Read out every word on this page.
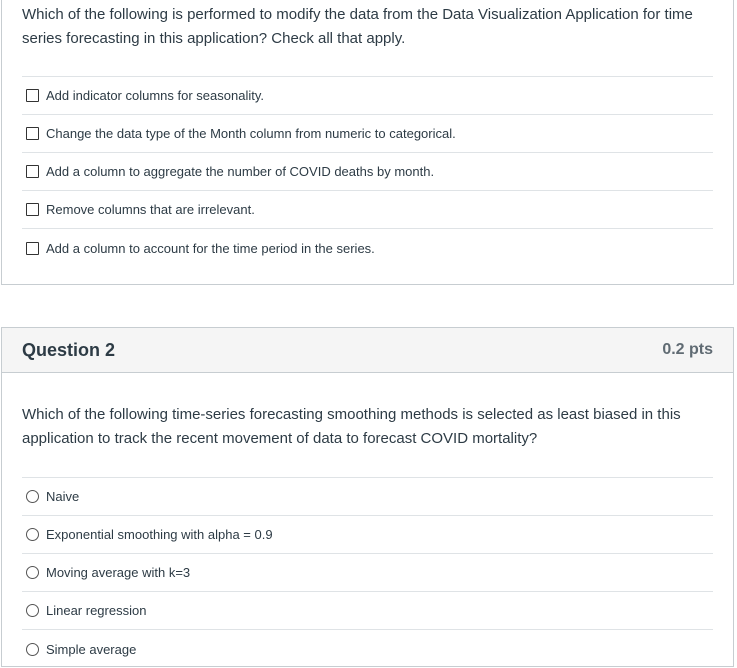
Which of the following is performed to modify the data from the Data Visualization Application for time series forecasting in this application? Check all that apply.
Add indicator columns for seasonality.
Change the data type of the Month column from numeric to categorical.
Add a column to aggregate the number of COVID deaths by month.
Remove columns that are irrelevant.
Add a column to account for the time period in the series.
Question 2	0.2 pts
Which of the following time-series forecasting smoothing methods is selected as least biased in this application to track the recent movement of data to forecast COVID mortality?
Naive
Exponential smoothing with alpha = 0.9
Moving average with k=3
Linear regression
Simple average
